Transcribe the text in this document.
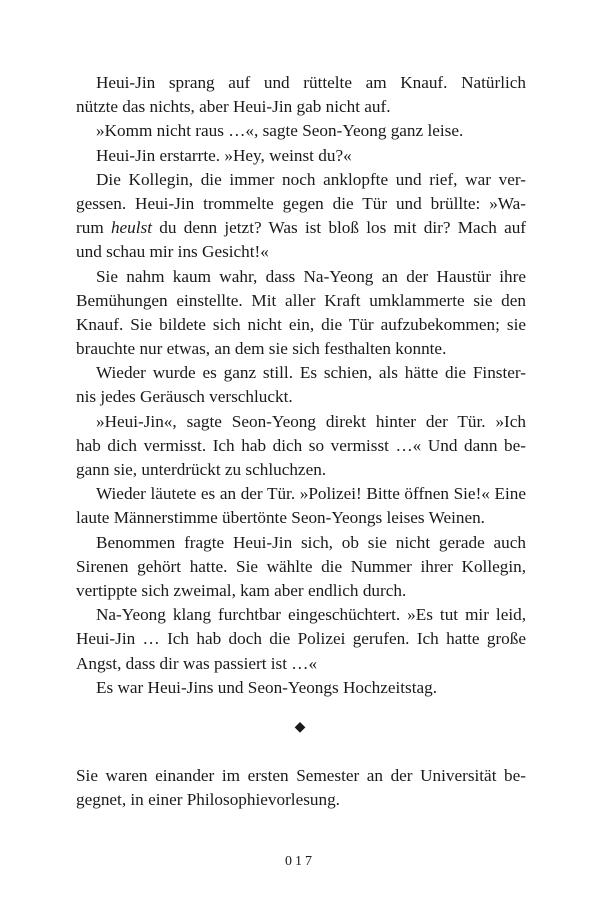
Heui-Jin sprang auf und rüttelte am Knauf. Natürlich
nützte das nichts, aber Heui-Jin gab nicht auf.
»Komm nicht raus …«, sagte Seon-Yeong ganz leise.
Heui-Jin erstarrte. »Hey, weinst du?«
Die Kollegin, die immer noch anklopfte und rief, war ver-
gessen. Heui-Jin trommelte gegen die Tür und brüllte: »Wa-
rum heulst du denn jetzt? Was ist bloß los mit dir? Mach auf
und schau mir ins Gesicht!«
Sie nahm kaum wahr, dass Na-Yeong an der Haustür ihre
Bemühungen einstellte. Mit aller Kraft umklammerte sie den
Knauf. Sie bildete sich nicht ein, die Tür aufzubekommen; sie
brauchte nur etwas, an dem sie sich festhalten konnte.
Wieder wurde es ganz still. Es schien, als hätte die Finster-
nis jedes Geräusch verschluckt.
»Heui-Jin«, sagte Seon-Yeong direkt hinter der Tür. »Ich
hab dich vermisst. Ich hab dich so vermisst …« Und dann be-
gann sie, unterdrückt zu schluchzen.
Wieder läutete es an der Tür. »Polizei! Bitte öffnen Sie!« Eine
laute Männerstimme übertönte Seon-Yeongs leises Weinen.
Benommen fragte Heui-Jin sich, ob sie nicht gerade auch
Sirenen gehört hatte. Sie wählte die Nummer ihrer Kollegin,
vertippte sich zweimal, kam aber endlich durch.
Na-Yeong klang furchtbar eingeschüchtert. »Es tut mir leid,
Heui-Jin … Ich hab doch die Polizei gerufen. Ich hatte große
Angst, dass dir was passiert ist …«
Es war Heui-Jins und Seon-Yeongs Hochzeitstag.
◆
Sie waren einander im ersten Semester an der Universität be-
gegnet, in einer Philosophievorlesung.
017
